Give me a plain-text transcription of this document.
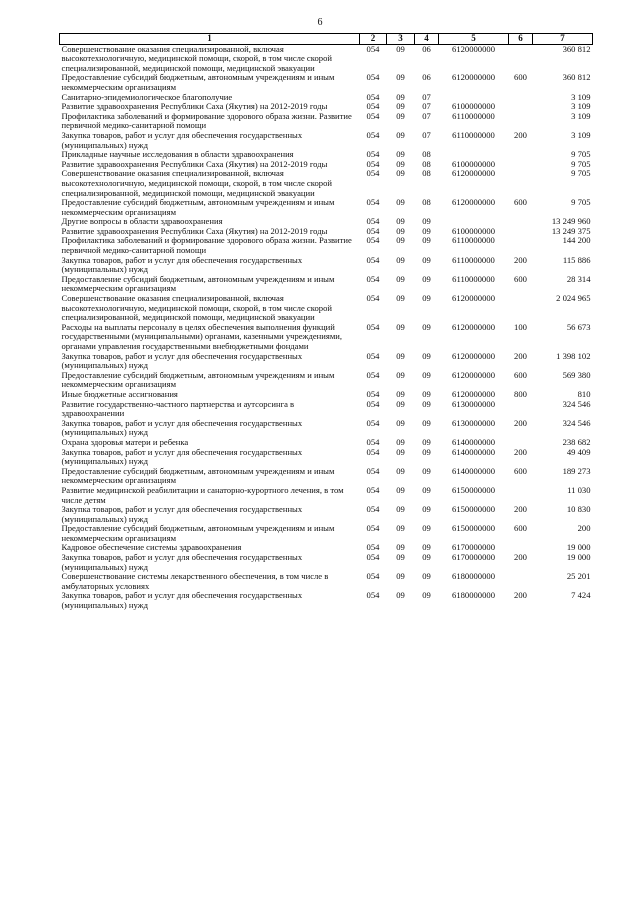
6
1	2	3	4	5	6	7
Совершенствование оказания специализированной, включая высокотехнологичную, медицинской помощи, скорой, в том числе скорой специализированной, медицинской помощи, медицинской эвакуации	054	09	06	6120000000		360 812
Предоставление субсидий бюджетным, автономным учреждениям и иным некоммерческим организациям	054	09	06	6120000000	600	360 812
Санитарно-эпидемиологическое благополучие	054	09	07			3 109
Развитие здравоохранения Республики Саха (Якутия) на 2012-2019 годы	054	09	07	6100000000		3 109
Профилактика заболеваний и формирование здорового образа жизни. Развитие первичной медико-санитарной помощи	054	09	07	6110000000		3 109
Закупка товаров, работ и услуг для обеспечения государственных (муниципальных) нужд	054	09	07	6110000000	200	3 109
Прикладные научные исследования в области здравоохранения	054	09	08			9 705
Развитие здравоохранения Республики Саха (Якутия) на 2012-2019 годы	054	09	08	6100000000		9 705
Совершенствование оказания специализированной, включая высокотехнологичную, медицинской помощи, скорой, в том числе скорой специализированной, медицинской помощи, медицинской эвакуации	054	09	08	6120000000		9 705
Предоставление субсидий бюджетным, автономным учреждениям и иным некоммерческим организациям	054	09	08	6120000000	600	9 705
Другие вопросы в области здравоохранения	054	09	09			13 249 960
Развитие здравоохранения Республики Саха (Якутия) на 2012-2019 годы	054	09	09	6100000000		13 249 375
Профилактика заболеваний и формирование здорового образа жизни. Развитие первичной медико-санитарной помощи	054	09	09	6110000000		144 200
Закупка товаров, работ и услуг для обеспечения государственных (муниципальных) нужд	054	09	09	6110000000	200	115 886
Предоставление субсидий бюджетным, автономным учреждениям и иным некоммерческим организациям	054	09	09	6110000000	600	28 314
Совершенствование оказания специализированной, включая высокотехнологичную, медицинской помощи, скорой, в том числе скорой специализированной, медицинской помощи, медицинской эвакуации	054	09	09	6120000000		2 024 965
Расходы на выплаты персоналу в целях обеспечения выполнения функций государственными (муниципальными) органами, казенными учреждениями, органами управления государственными внебюджетными фондами	054	09	09	6120000000	100	56 673
Закупка товаров, работ и услуг для обеспечения государственных (муниципальных) нужд	054	09	09	6120000000	200	1 398 102
Предоставление субсидий бюджетным, автономным учреждениям и иным некоммерческим организациям	054	09	09	6120000000	600	569 380
Иные бюджетные ассигнования	054	09	09	6120000000	800	810
Развитие государственно-частного партнерства и аутсорсинга в здравоохранении	054	09	09	6130000000		324 546
Закупка товаров, работ и услуг для обеспечения государственных (муниципальных) нужд	054	09	09	6130000000	200	324 546
Охрана здоровья матери и ребенка	054	09	09	6140000000		238 682
Закупка товаров, работ и услуг для обеспечения государственных (муниципальных) нужд	054	09	09	6140000000	200	49 409
Предоставление субсидий бюджетным, автономным учреждениям и иным некоммерческим организациям	054	09	09	6140000000	600	189 273
Развитие медицинской реабилитации и санаторно-курортного лечения, в том числе детям	054	09	09	6150000000		11 030
Закупка товаров, работ и услуг для обеспечения государственных (муниципальных) нужд	054	09	09	6150000000	200	10 830
Предоставление субсидий бюджетным, автономным учреждениям и иным некоммерческим организациям	054	09	09	6150000000	600	200
Кадровое обеспечение системы здравоохранения	054	09	09	6170000000		19 000
Закупка товаров, работ и услуг для обеспечения государственных (муниципальных) нужд	054	09	09	6170000000	200	19 000
Совершенствование системы лекарственного обеспечения, в том числе в амбулаторных условиях	054	09	09	6180000000		25 201
Закупка товаров, работ и услуг для обеспечения государственных (муниципальных) нужд	054	09	09	6180000000	200	7 424
